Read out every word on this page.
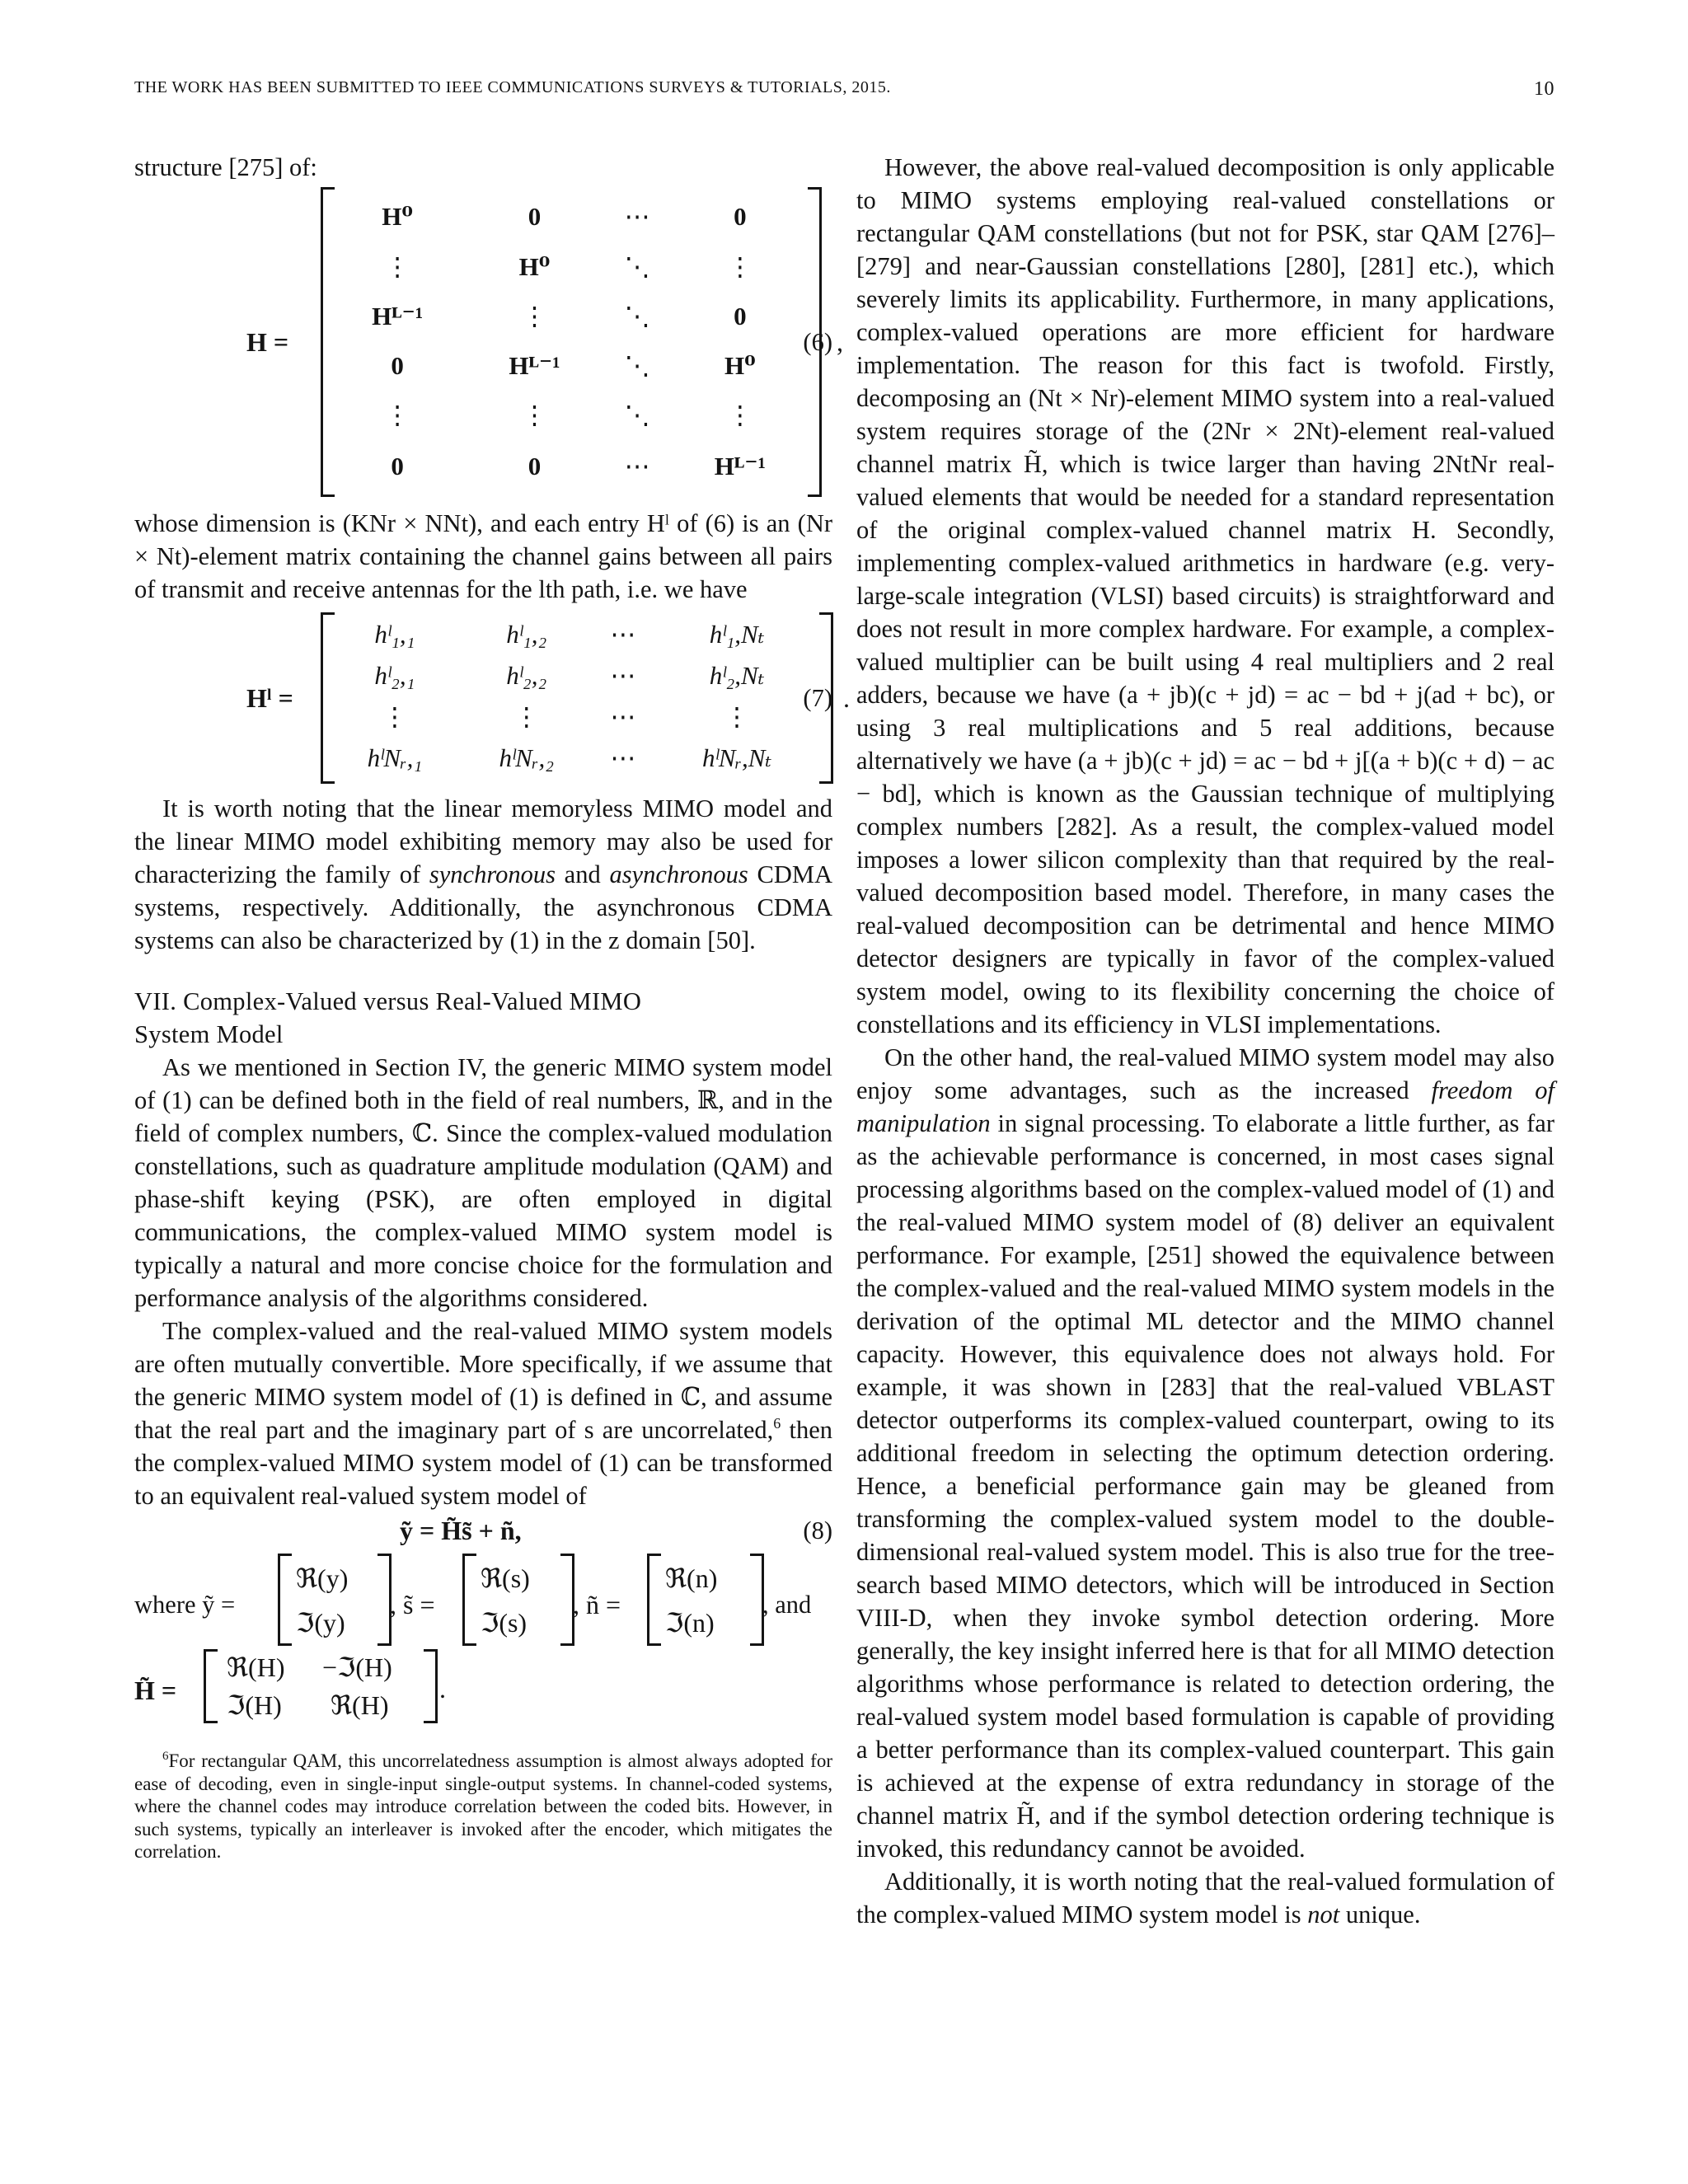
THE WORK HAS BEEN SUBMITTED TO IEEE COMMUNICATIONS SURVEYS & TUTORIALS, 2015.	10

structure [275] of:

H =
H⁰	0	⋯	0
⋮	H⁰	⋱	⋮
Hᴸ⁻¹	⋮	⋱	0
0	Hᴸ⁻¹	⋱	H⁰
⋮	⋮	⋱	⋮
0	0	⋯	Hᴸ⁻¹
,
(6)

whose dimension is (KNr × NNt), and each entry Hˡ of (6) is an (Nr × Nt)-element matrix containing the channel gains between all pairs of transmit and receive antennas for the lth path, i.e. we have

Hˡ =
hˡ₁,₁	hˡ₁,₂	⋯	hˡ₁,Nₜ
hˡ₂,₁	hˡ₂,₂	⋯	hˡ₂,Nₜ
⋮	⋮	⋯	⋮
hˡNᵣ,₁	hˡNᵣ,₂	⋯	hˡNᵣ,Nₜ
.
(7)

It is worth noting that the linear memoryless MIMO model and the linear MIMO model exhibiting memory may also be used for characterizing the family of synchronous and asynchronous CDMA systems, respectively. Additionally, the asynchronous CDMA systems can also be characterized by (1) in the z domain [50].

VII. Complex-Valued versus Real-Valued MIMO

System Model

As we mentioned in Section IV, the generic MIMO system model of (1) can be defined both in the field of real numbers, ℝ, and in the field of complex numbers, ℂ. Since the complex-valued modulation constellations, such as quadrature amplitude modulation (QAM) and phase-shift keying (PSK), are often employed in digital communications, the complex-valued MIMO system model is typically a natural and more concise choice for the formulation and performance analysis of the algorithms considered.

The complex-valued and the real-valued MIMO system models are often mutually convertible. More specifically, if we assume that the generic MIMO system model of (1) is defined in ℂ, and assume that the real part and the imaginary part of s are uncorrelated,$^6$ then the complex-valued MIMO system model of (1) can be transformed to an equivalent real-valued system model of

ỹ = H̃s̃ + ñ,	(8)
where ỹ =
ℜ(y)
ℑ(y)
, s̃ =
ℜ(s)
ℑ(s)
, ñ =
ℜ(n)
ℑ(n)
, and
H̃ =
ℜ(H) −ℑ(H)
ℑ(H) ℜ(H)
.

$^6$For rectangular QAM, this uncorrelatedness assumption is almost always adopted for ease of decoding, even in single-input single-output systems. In channel-coded systems, where the channel codes may introduce correlation between the coded bits. However, in such systems, typically an interleaver is invoked after the encoder, which mitigates the correlation.

However, the above real-valued decomposition is only applicable to MIMO systems employing real-valued constellations or rectangular QAM constellations (but not for PSK, star QAM [276]–[279] and near-Gaussian constellations [280], [281] etc.), which severely limits its applicability. Furthermore, in many applications, complex-valued operations are more efficient for hardware implementation. The reason for this fact is twofold. Firstly, decomposing an (Nt × Nr)-element MIMO system into a real-valued system requires storage of the (2Nr × 2Nt)-element real-valued channel matrix H̃, which is twice larger than having 2NtNr real-valued elements that would be needed for a standard representation of the original complex-valued channel matrix H. Secondly, implementing complex-valued arithmetics in hardware (e.g. very-large-scale integration (VLSI) based circuits) is straightforward and does not result in more complex hardware. For example, a complex-valued multiplier can be built using 4 real multipliers and 2 real adders, because we have (a + jb)(c + jd) = ac − bd + j(ad + bc), or using 3 real multiplications and 5 real additions, because alternatively we have (a + jb)(c + jd) = ac − bd + j[(a + b)(c + d) − ac − bd], which is known as the Gaussian technique of multiplying complex numbers [282]. As a result, the complex-valued model imposes a lower silicon complexity than that required by the real-valued decomposition based model. Therefore, in many cases the real-valued decomposition can be detrimental and hence MIMO detector designers are typically in favor of the complex-valued system model, owing to its flexibility concerning the choice of constellations and its efficiency in VLSI implementations.

On the other hand, the real-valued MIMO system model may also enjoy some advantages, such as the increased freedom of manipulation in signal processing. To elaborate a little further, as far as the achievable performance is concerned, in most cases signal processing algorithms based on the complex-valued model of (1) and the real-valued MIMO system model of (8) deliver an equivalent performance. For example, [251] showed the equivalence between the complex-valued and the real-valued MIMO system models in the derivation of the optimal ML detector and the MIMO channel capacity. However, this equivalence does not always hold. For example, it was shown in [283] that the real-valued VBLAST detector outperforms its complex-valued counterpart, owing to its additional freedom in selecting the optimum detection ordering. Hence, a beneficial performance gain may be gleaned from transforming the complex-valued system model to the double-dimensional real-valued system model. This is also true for the tree-search based MIMO detectors, which will be introduced in Section VIII-D, when they invoke symbol detection ordering. More generally, the key insight inferred here is that for all MIMO detection algorithms whose performance is related to detection ordering, the real-valued system model based formulation is capable of providing a better performance than its complex-valued counterpart. This gain is achieved at the expense of extra redundancy in storage of the channel matrix H̃, and if the symbol detection ordering technique is invoked, this redundancy cannot be avoided.

Additionally, it is worth noting that the real-valued formulation of the complex-valued MIMO system model is not unique.
